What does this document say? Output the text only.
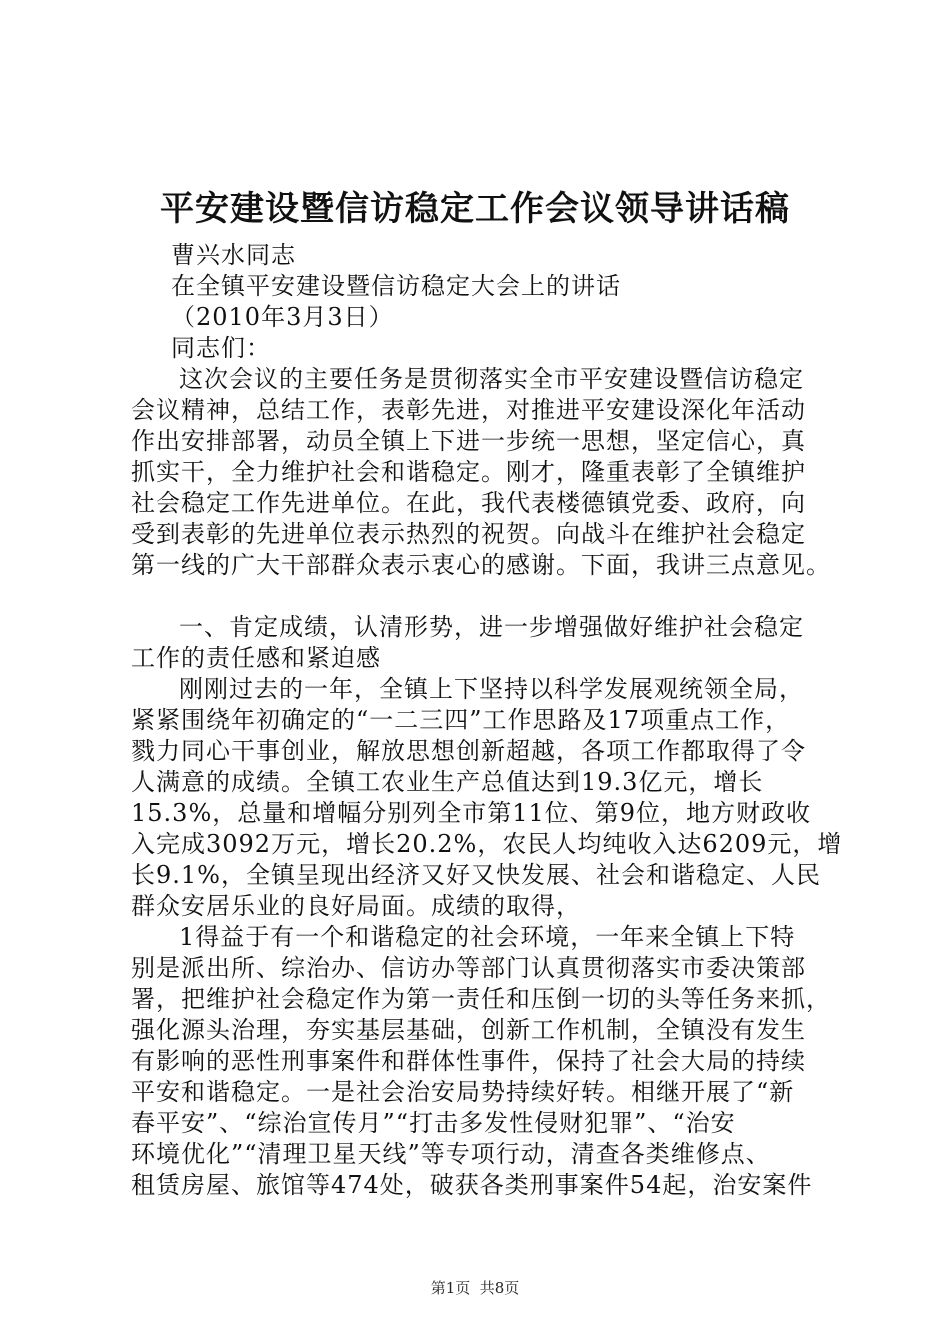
平安建设暨信访稳定工作会议领导讲话稿
曹兴水同志
在全镇平安建设暨信访稳定大会上的讲话
（2010年3月3日）
同志们：
这次会议的主要任务是贯彻落实全市平安建设暨信访稳定
会议精神，总结工作，表彰先进，对推进平安建设深化年活动
作出安排部署，动员全镇上下进一步统一思想，坚定信心，真
抓实干，全力维护社会和谐稳定。刚才，隆重表彰了全镇维护
社会稳定工作先进单位。在此，我代表楼德镇党委、政府，向
受到表彰的先进单位表示热烈的祝贺。向战斗在维护社会稳定
第一线的广大干部群众表示衷心的感谢。下面，我讲三点意见。
一、肯定成绩，认清形势，进一步增强做好维护社会稳定
工作的责任感和紧迫感
刚刚过去的一年，全镇上下坚持以科学发展观统领全局，
紧紧围绕年初确定的“一二三四”工作思路及17项重点工作，
戮力同心干事创业，解放思想创新超越，各项工作都取得了令
人满意的成绩。全镇工农业生产总值达到19.3亿元，增长
15.3%，总量和增幅分别列全市第11位、第9位，地方财政收
入完成3092万元，增长20.2%，农民人均纯收入达6209元，增
长9.1%，全镇呈现出经济又好又快发展、社会和谐稳定、人民
群众安居乐业的良好局面。成绩的取得，
1得益于有一个和谐稳定的社会环境，一年来全镇上下特
别是派出所、综治办、信访办等部门认真贯彻落实市委决策部
署，把维护社会稳定作为第一责任和压倒一切的头等任务来抓，
强化源头治理，夯实基层基础，创新工作机制，全镇没有发生
有影响的恶性刑事案件和群体性事件，保持了社会大局的持续
平安和谐稳定。一是社会治安局势持续好转。相继开展了“新
春平安”、“综治宣传月”“打击多发性侵财犯罪”、“治安
环境优化”“清理卫星天线”等专项行动，清查各类维修点、
租赁房屋、旅馆等474处，破获各类刑事案件54起，治安案件
第1页  共8页
